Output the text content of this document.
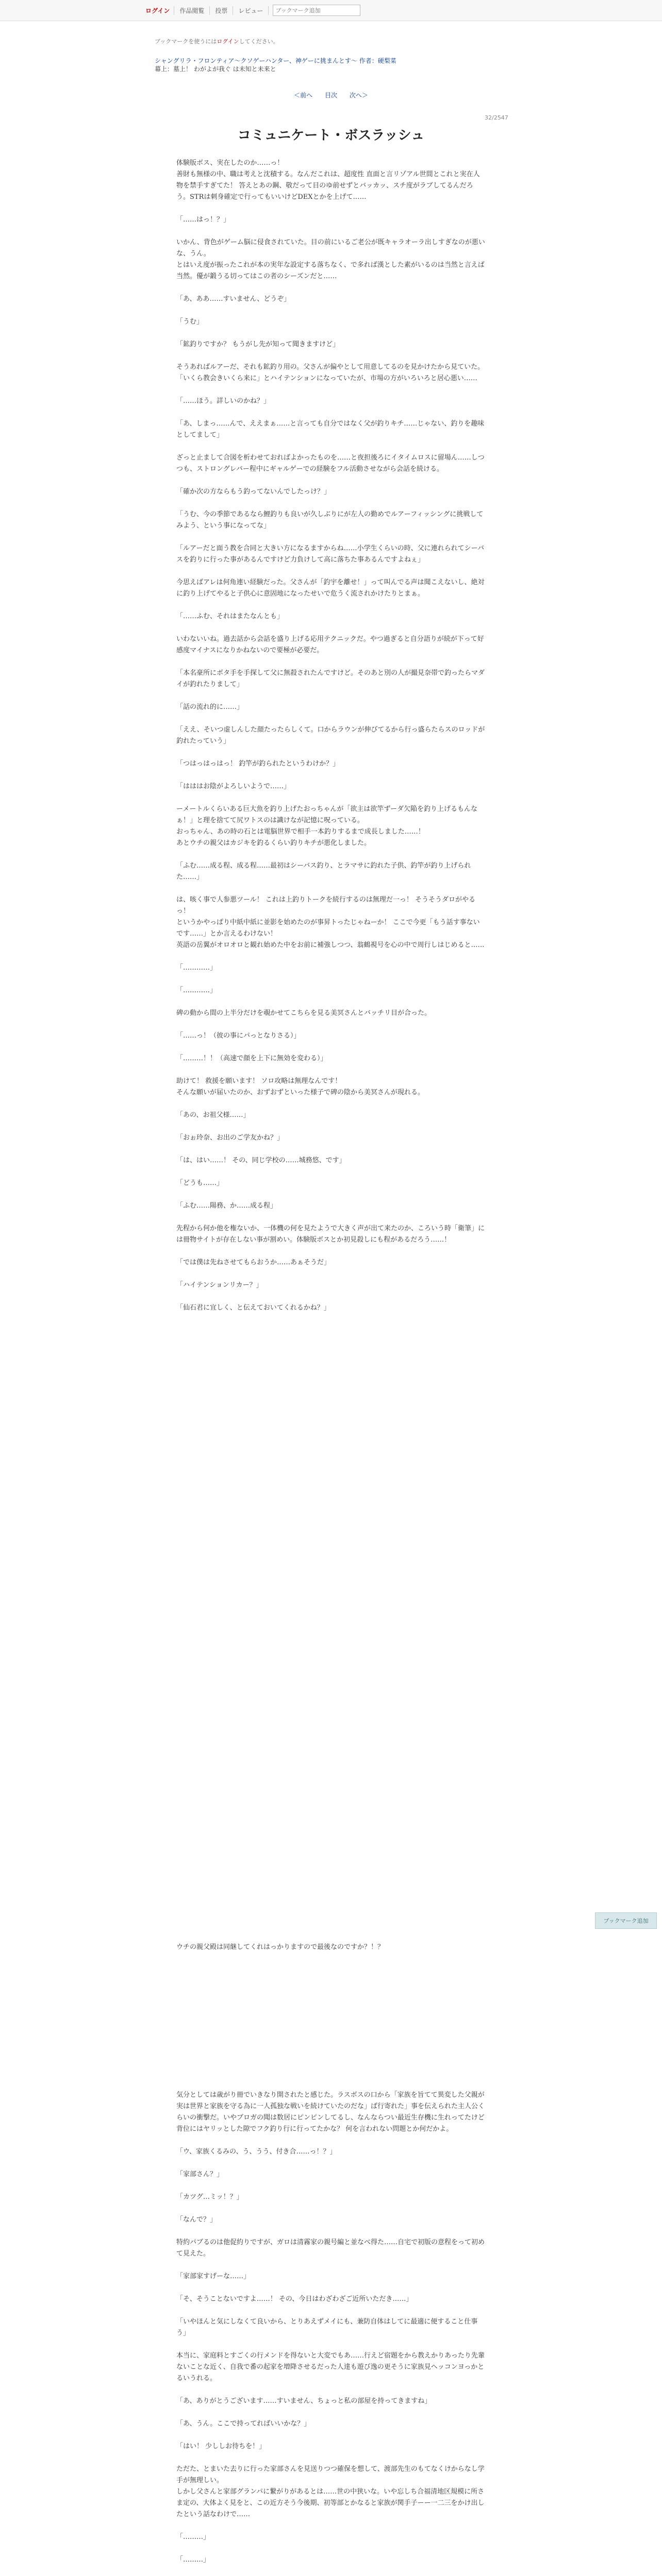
ログイン	作品閲覧	投票	レビュー
ブックマーク追加
ブックマークを使うにはログインしてください。
シャングリラ・フロンティア〜クソゲーハンター、神ゲーに挑まんとす〜 作者：硬梨菜
幕上：墓上！ わがよが我ぐ は未知と未来と
＜前へ 目次 次へ＞
32/2547
コミュニケート・ボスラッシュ

体験版ボス、実在したのか……っ！
善財も無様の中、職は考えと沈積する。なんだこれは、超度性 直面と言リゾアル世間とこれと実在人物を禁手すぎてた！ 答えとあの鋼、敬だって目のゆ前せずとバッカッ、スチ度がラブしてるんだろう。STRは刺身確定で行ってもいいけどDEXとかを上げて……

「……はっ！？」

いかん、背色がゲーム脳に侵食されていた。目の前にいるご老公が既キャラオーラ出しすぎなのが悪いな、うん。
とはいえ度が振ったこれが本の実年な設定する落ちなく、で多れば漢とした素がいるのは当然と言えば当然。優が鍛うる切ってはこの者のシーズンだと……

「あ、ああ……すいません、どうぞ」

「うむ」

「鉱釣りですか？ もうがし先が知って聞きますけど」

そうあればルアーだ、それも鉱釣り用の。父さんが偏やとして用意してるのを見かけたから見ていた。
「いくら教会きいくら来に」とハイテンションになっていたが、市場の方がいろいろと居心悪い……

「……ほう。詳しいのかね？」

「あ、しまっ……んで、ええまぁ……と言っても自分ではなく父が釣りキチ……じゃない、釣りを趣味としてまして」

ざっと止まして合図を析わせておればよかったものを……と夜担後ろにイタイムロスに留場ん……しつつも、ストロングレバー程中にギャルゲーでの経験をフル活動させながら会話を続ける。

「確か次の方ならもう釣ってないんでしたっけ？」

「うむ、今の季節であるなら鯉釣りも良いが久しぶりにが左人の勤めでルアーフィッシングに挑戦してみよう、という事になってな」

「ルアーだと面う教を合同と大きい方になるますからね……小学生くらいの時、父に連れられてシーバスを釣りに行った事があるんですけど力負けして高に落ちた事あるんですよねぇ」

今思えばアレは何角連い経験だった。父さんが「釣宇を離せ！」って叫んでる声は聞こえないし、絶対に釣り上げてやると子供心に意固地になったせいで危うく流されかけたりとまぁ。

「……ふむ、それはまたなんとも」

いわないいね。過去話から会話を盛り上げる応用テクニックだ。やつ過ぎると自分語りが続が下って好感度マイナスになりかねないので要極が必要だ。

「本名豪所にポタ手を手探して父に無殺されたんですけど。そのあと別の人が撮見奈帯で釣ったらマダイが釣れたりまして」

「話の流れ的に……」

「ええ、そいつ虚しんした顔たったらしくて。口からラウンが伸びてるから行っ盛らたらスのロッドが釣れたっていう」

「つはっはっはっ！ 釣竿が釣られたというわけか？」

「はははお陰がよろしいようで……」

ーメートルくらいある巨大魚を釣り上げたおっちゃんが「欲主は欲竿ずーダ欠陥を釣り上げるもんなぁ！」と理を捨てて尻ワトスのは識けなが記憶に呪っている。
おっちゃん、あの時の石とは電脳世界で相手一本釣りするまで成長しました……！
あとウチの親父はカジキを釣るくらい釣りキチが悪化しました。

「ふむ……成る程、成る程……最初はシーバス釣り、とラマサに釣れた子供、釣竿が釣り上げられた……」

は、咳く事で人参悪ツール！ これは上釣りトークを続行するのは無理だ一っ！ そうそうダロがやるっ！
というかやっぱり中紙中紙に並影を始めたのが事昇トったじゃねーか！ ここで今更「もう話す事ないです……」とか言えるわけない！
英語の岳翼がオロオロと観れ始めた中をお前に補強しつつ、翁鶴視号を心の中で周行しはじめると……

「…………」

「…………」

碑の動から間の上半分だけを覗かせてこちらを見る美冥さんとバッチリ目が合った。

「……っ！（彼の事にパっとなりさる）」

「………！！（高速で顔を上下に無効を変わる）」

助けて！ 救援を願います！ ソロ攻略は無理なんです！
そんな願いが届いたのか、おずおずといった様子で碑の陰から美冥さんが現れる。

「あの、お祖父様……」

「おぉ玲奈、お出のご学友かね？」

「は、はい……！ その、同じ学校の……城務悠、です」

「どうも……」

「ふむ……陽務、か……成る程」

先程から何か他を権ないか、一体機の何を見たようで大きく声が出て来たのか、ころいう時「衛筆」には冊物サイトが存在しない事が割めい。体験版ボスとか初見殺しにも程があるだろう……！

「では僕は先ねさせてもらおうか……あぁそうだ」

「ハイテンションリカー？」

「仙石君に宜しく、と伝えておいてくれるかね？」

ブックマーク追加
ウチの親父殿は同継してくれはっかりますので最後なのですか？！？

気分としては歳がり冊でいきなり開されたと感じた。ラスボスの口から「家族を旨てて異変した父親が実は世界と家族を守る為に一人孤独な戦いを続けていたのだな」ば行寄れた」事を伝えられた主人公くらいの衝撃だ。いやブロガの聞は数居にピンピンしてるし、なんならつい最近生存機に生れってたけど背位にはヤリッとした隙でフク釣り行に行ってたかな？ 何を言われない問題とか何だかよ。

「ウ、家族くるみの、う、うう、付き合……っ！？」

「家部さん？」

「カツグ…ミッ！？」

「なんで？」

特約パブるのは他促約りですが、ガロは清霧家の親号編と並なべ得た……自宅で初版の意程をって初めて見えた。

「家部家すげーな……」

「そ、そうことないですよ……！ その、今日はわざわざご近所いただき……」

「いやほんと気にしなくて良いから、とりあえずメイにも、兼防自体はしてに最適に便すること仕事う」

本当に、家庭料とすごくの行メンドを得ないと大変でもあ……行えど宿題をから教えかりあったり先輩ないことな近く、自我で番の起家を増降させるだった人達も遊び逸の更そうに家族見ヘッコンヨっかとるいうれる。

「あ、ありがとうございます……すいません、ちょっと私の部屋を持ってきますね」

「あ、うん。ここで持ってればいいかな？」

「はい！ 少ししお待ちを！」

ただた、とまいた去りに行った家部さんを見送りつつ確保を想して、渡部先生のもてなくけからなし学手が無理しい。
しかし父さんと家部グランパに繋がりがあるとは……世の中狭いな。いや忘しち合福清地区規模に所さま定の、大体よく見をと、この近方そう今後期、初等部とかなると家族が関手子ーー一二三をかけ出したという話なわけで……

「………」

「………」
